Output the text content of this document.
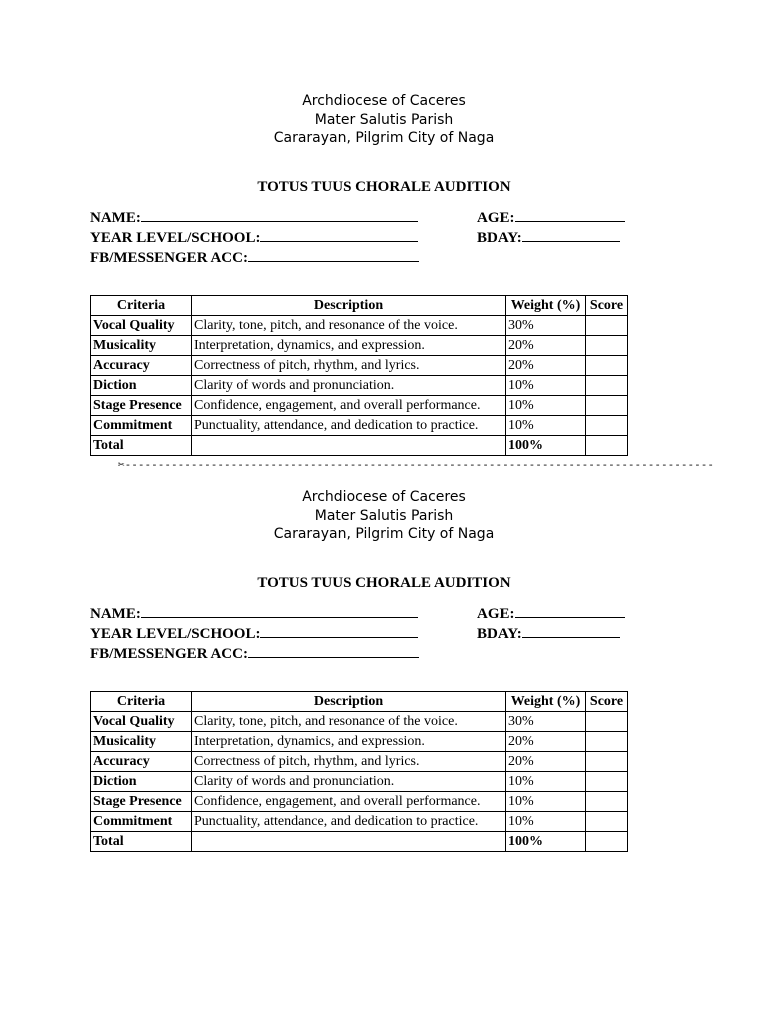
Archdiocese of Caceres
Mater Salutis Parish
Cararayan, Pilgrim City of Naga
TOTUS TUUS CHORALE AUDITION
NAME:
YEAR LEVEL/SCHOOL:
FB/MESSENGER ACC:
AGE:
BDAY:
Criteria	Description	Weight (%)	Score
Vocal Quality	Clarity, tone, pitch, and resonance of the voice.	30%	
Musicality	Interpretation, dynamics, and expression.	20%	
Accuracy	Correctness of pitch, rhythm, and lyrics.	20%	
Diction	Clarity of words and pronunciation.	10%	
Stage Presence	Confidence, engagement, and overall performance.	10%	
Commitment	Punctuality, attendance, and dedication to practice.	10%	
Total		100%	
Archdiocese of Caceres
Mater Salutis Parish
Cararayan, Pilgrim City of Naga
TOTUS TUUS CHORALE AUDITION
NAME:
YEAR LEVEL/SCHOOL:
FB/MESSENGER ACC:
AGE:
BDAY:
Criteria	Description	Weight (%)	Score
Vocal Quality	Clarity, tone, pitch, and resonance of the voice.	30%	
Musicality	Interpretation, dynamics, and expression.	20%	
Accuracy	Correctness of pitch, rhythm, and lyrics.	20%	
Diction	Clarity of words and pronunciation.	10%	
Stage Presence	Confidence, engagement, and overall performance.	10%	
Commitment	Punctuality, attendance, and dedication to practice.	10%	
Total		100%	
✂-----------------------------------------------------------------------------------------
